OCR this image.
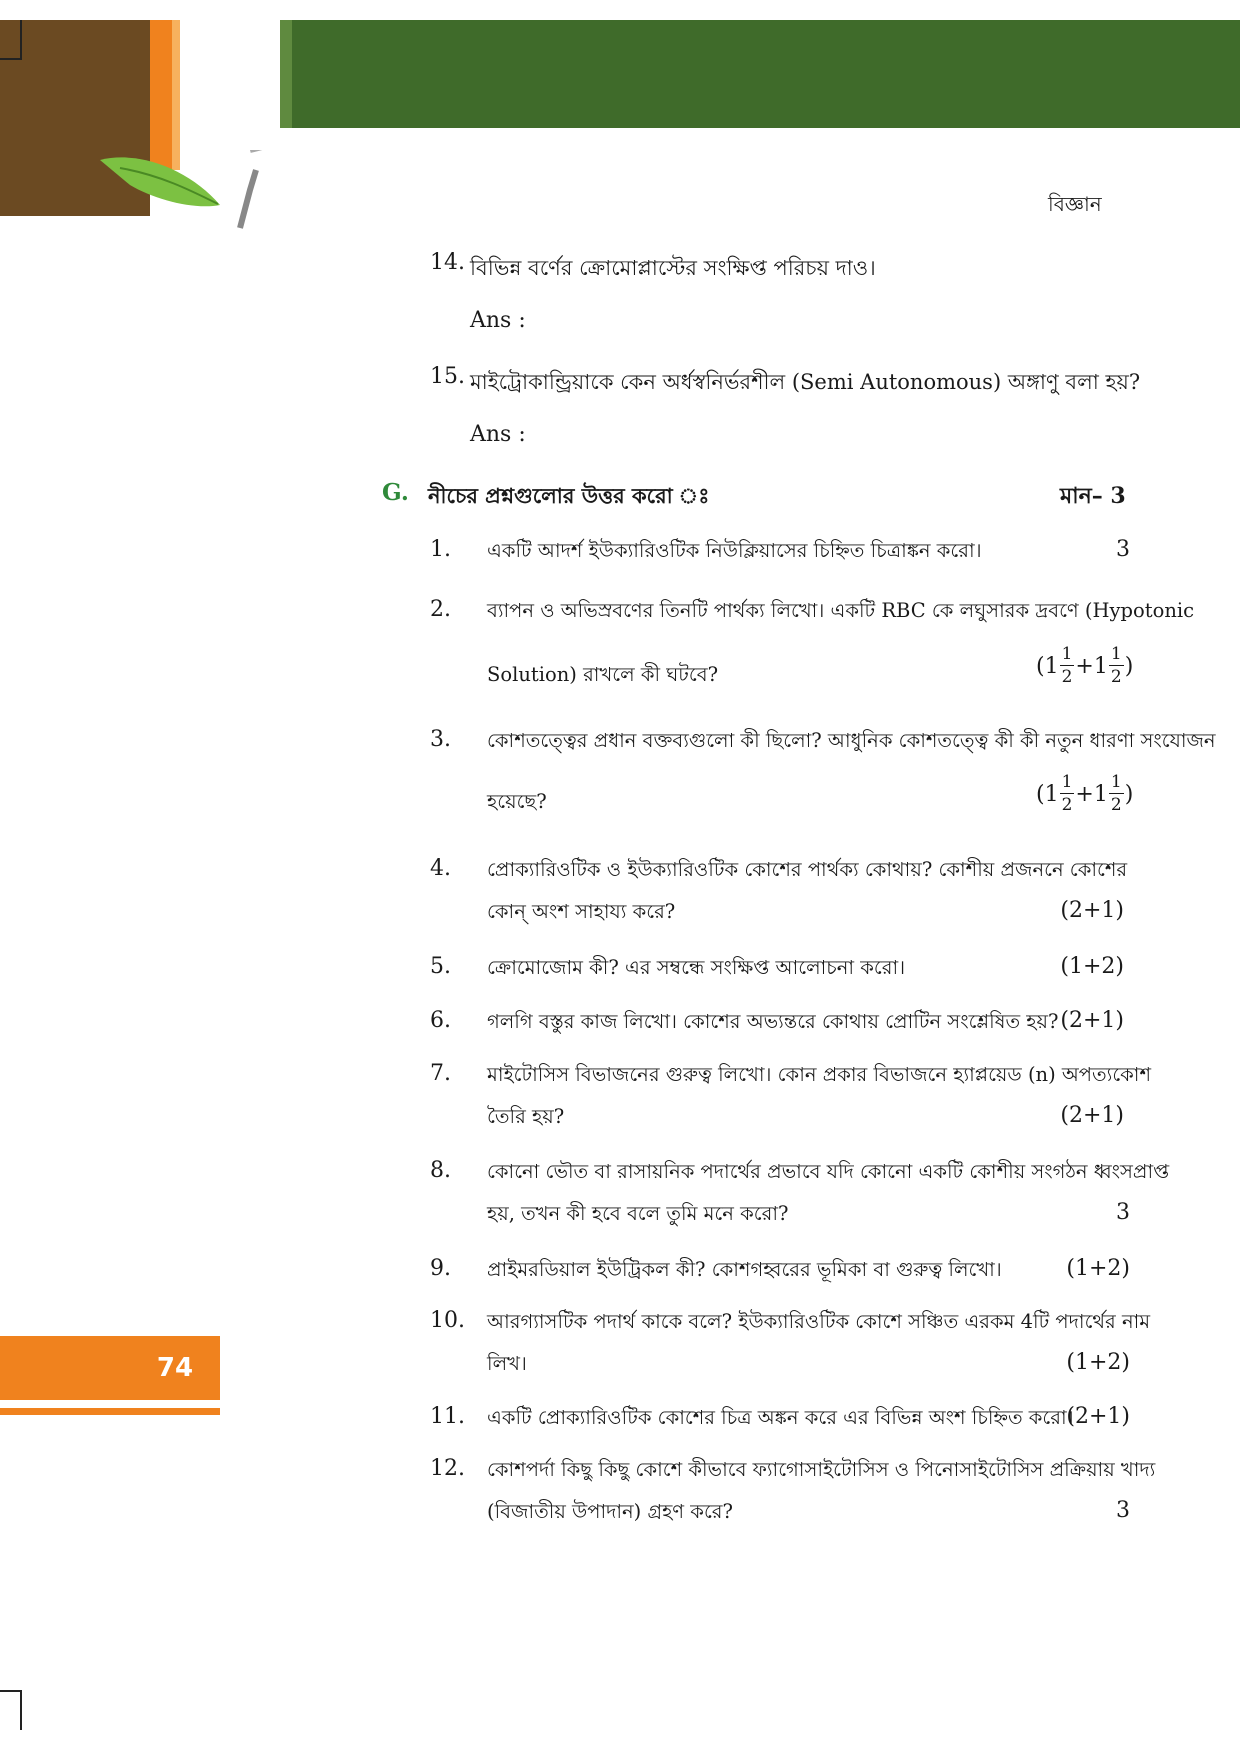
বিজ্ঞান
14. বিভিন্ন বর্ণের ক্রোমোপ্লাস্টের সংক্ষিপ্ত পরিচয় দাও।
Ans :
15. মাইট্রোকান্ড্রিয়াকে কেন অর্ধস্বনির্ভরশীল (Semi Autonomous) অঙ্গাণু বলা হয়?
Ans :
G. নীচের প্রশ্নগুলোর উত্তর করো ঃ	মান– 3
1. একটি আদর্শ ইউক্যারিওটিক নিউক্লিয়াসের চিহ্নিত চিত্রাঙ্কন করো।	3
2. ব্যাপন ও অভিস্রবণের তিনটি পার্থক্য লিখো। একটি RBC কে লঘুসারক দ্রবণে (Hypotonic
Solution) রাখলে কী ঘটবে?	( $1 \frac{1}{2} + 1 \frac{1}{2}$ )
3. কোশতত্ত্বের প্রধান বক্তব্যগুলো কী ছিলো? আধুনিক কোশতত্ত্বে কী কী নতুন ধারণা সংযোজন
হয়েছে?	( $1 \frac{1}{2} + 1 \frac{1}{2}$ )
4. প্রোক্যারিওটিক ও ইউক্যারিওটিক কোশের পার্থক্য কোথায়? কোশীয় প্রজননে কোশের
কোন্ অংশ সাহায্য করে?	(2+1)
5. ক্রোমোজোম কী? এর সম্বন্ধে সংক্ষিপ্ত আলোচনা করো।	(1+2)
6. গলগি বস্তুর কাজ লিখো। কোশের অভ্যন্তরে কোথায় প্রোটিন সংশ্লেষিত হয়? (2+1)
7. মাইটোসিস বিভাজনের গুরুত্ব লিখো। কোন প্রকার বিভাজনে হ্যাপ্লয়েড (n) অপত্যকোশ
তৈরি হয়?	(2+1)
8. কোনো ভৌত বা রাসায়নিক পদার্থের প্রভাবে যদি কোনো একটি কোশীয় সংগঠন ধ্বংসপ্রাপ্ত
হয়, তখন কী হবে বলে তুমি মনে করো?	3
9. প্রাইমরডিয়াল ইউট্রিকল কী? কোশগহ্বরের ভূমিকা বা গুরুত্ব লিখো।	(1+2)
10. আরগ্যাসটিক পদার্থ কাকে বলে? ইউক্যারিওটিক কোশে সঞ্চিত এরকম 4টি পদার্থের নাম
লিখ।	(1+2)
11. একটি প্রোক্যারিওটিক কোশের চিত্র অঙ্কন করে এর বিভিন্ন অংশ চিহ্নিত করো।
(2+1)
12. কোশপর্দা কিছু কিছু কোশে কীভাবে ফ্যাগোসাইটোসিস ও পিনোসাইটোসিস প্রক্রিয়ায় খাদ্য
(বিজাতীয় উপাদান) গ্রহণ করে?	3
74
